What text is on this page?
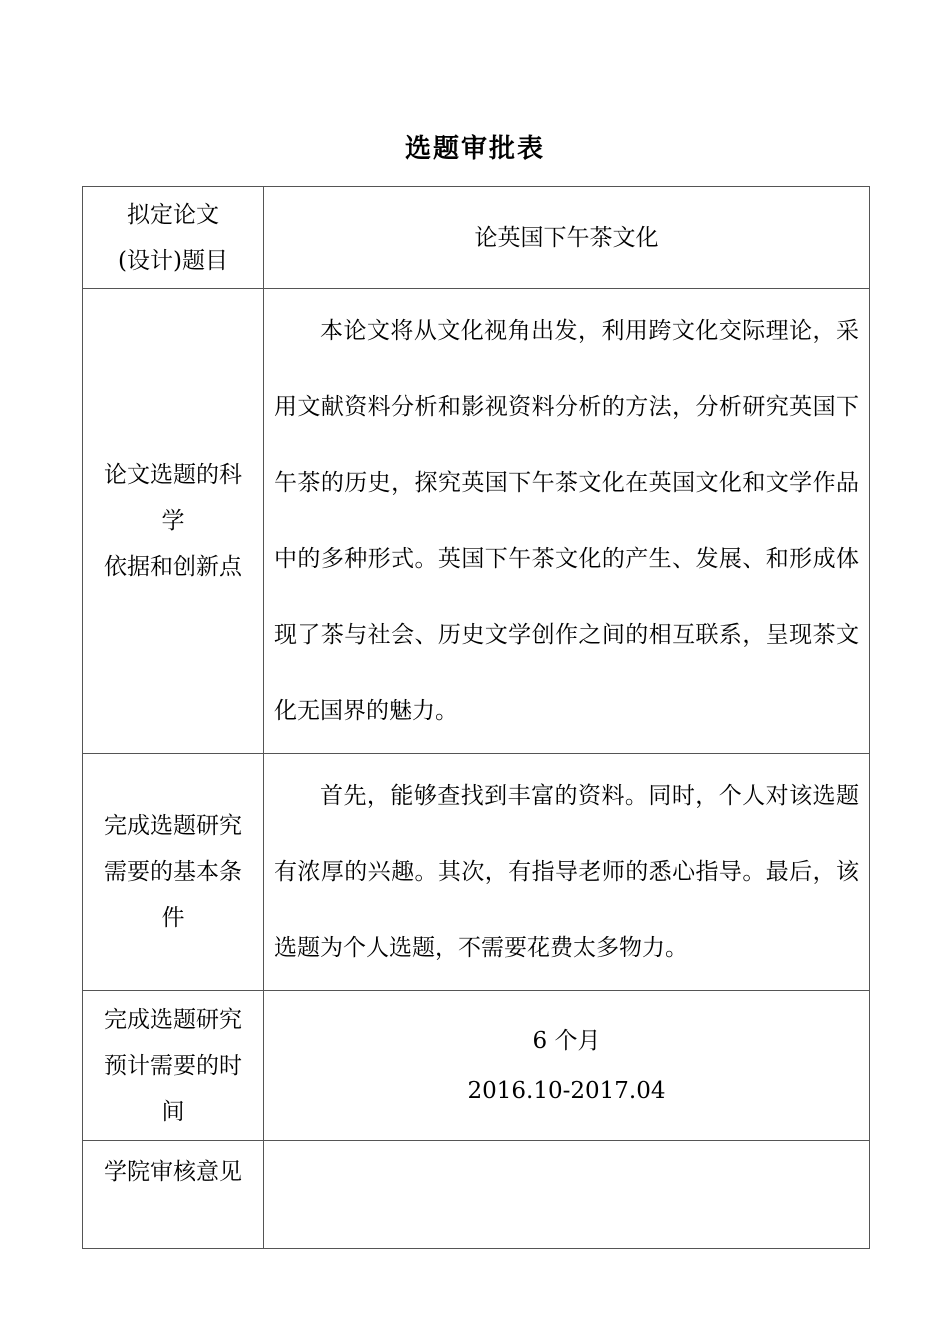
选题审批表
拟定论文
(设计)题目	论英国下午茶文化

论文选题的科
学
依据和创新点	本论文将从文化视角出发，利用跨文化交际理论，采用文献资料分析和影视资料分析的方法，分析研究英国下午茶的历史，探究英国下午茶文化在英国文化和文学作品中的多种形式。英国下午茶文化的产生、发展、和形成体现了茶与社会、历史文学创作之间的相互联系，呈现茶文化无国界的魅力。

完成选题研究
需要的基本条
件	首先，能够查找到丰富的资料。同时，个人对该选题有浓厚的兴趣。其次，有指导老师的悉心指导。最后，该选题为个人选题，不需要花费太多物力。

完成选题研究
预计需要的时
间	6 个月
2016.10-2017.04

学院审核意见	
